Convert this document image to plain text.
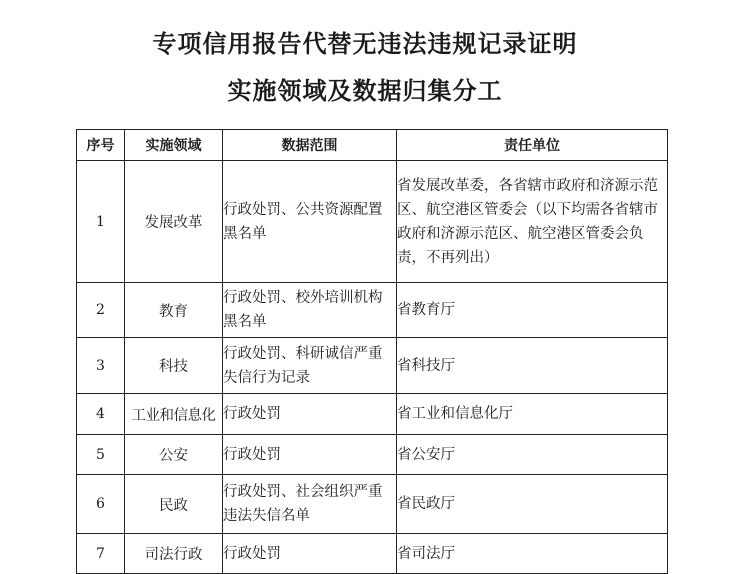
专项信用报告代替无违法违规记录证明
实施领域及数据归集分工
序号	实施领域	数据范围	责任单位
1	发展改革	行政处罚、公共资源配置黑名单	省发展改革委，各省辖市政府和济源示范区、航空港区管委会（以下均需各省辖市政府和济源示范区、航空港区管委会负责，不再列出）
2	教育	行政处罚、校外培训机构黑名单	省教育厅
3	科技	行政处罚、科研诚信严重失信行为记录	省科技厅
4	工业和信息化	行政处罚	省工业和信息化厅
5	公安	行政处罚	省公安厅
6	民政	行政处罚、社会组织严重违法失信名单	省民政厅
7	司法行政	行政处罚	省司法厅
